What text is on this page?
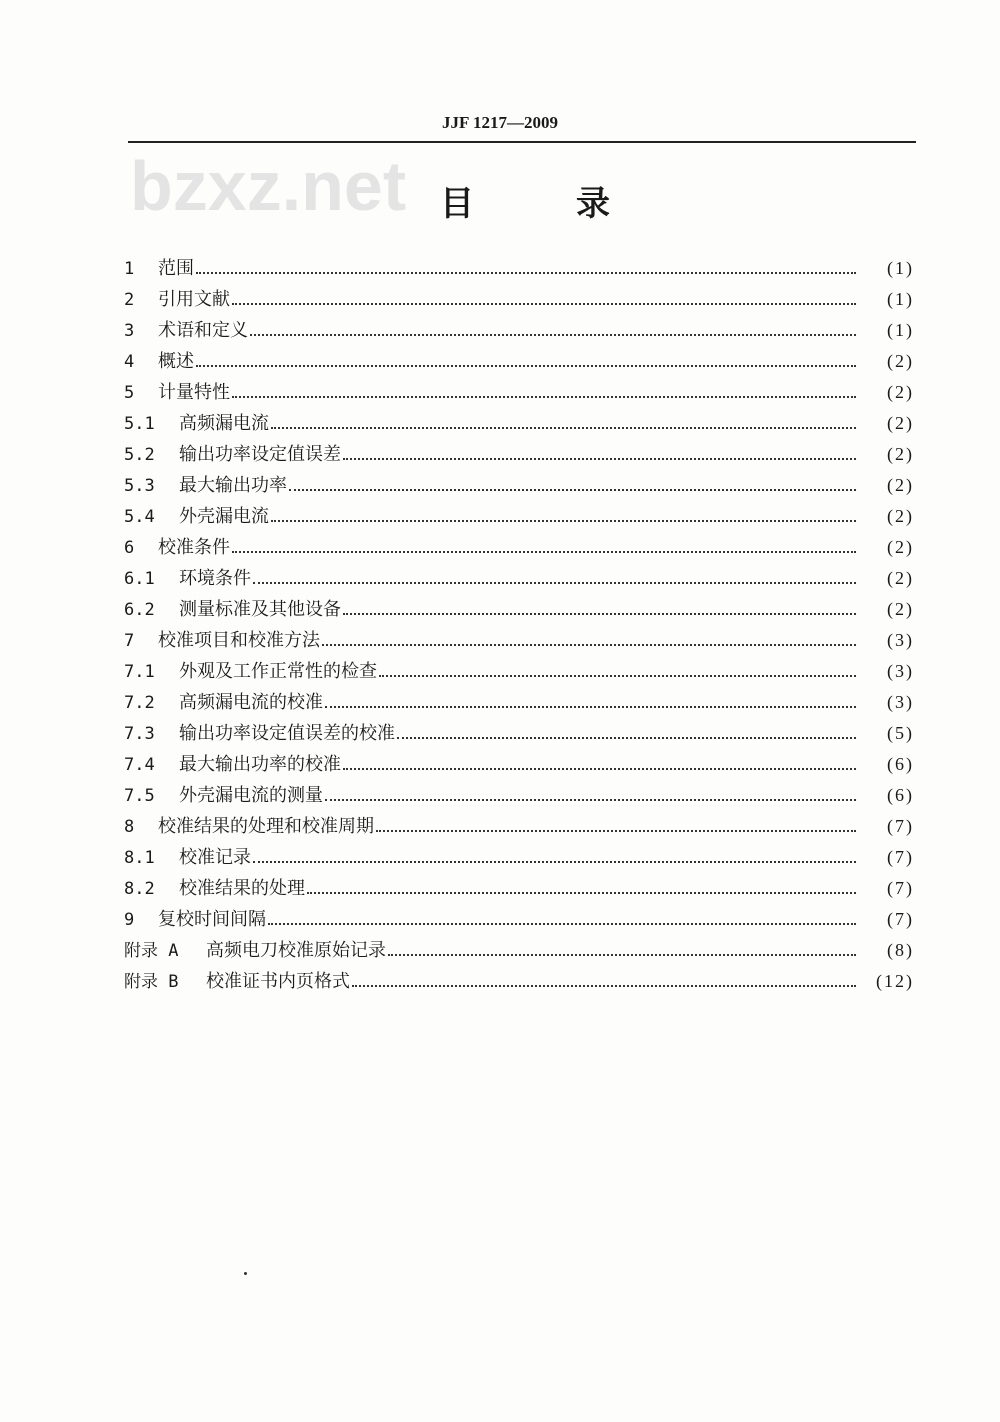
JJF 1217—2009
bzxz.net 目	录
1	范围	(1)
2	引用文献	(1)
3	术语和定义	(1)
4	概述	(2)
5	计量特性	(2)
5.1	高频漏电流	(2)
5.2	输出功率设定值误差	(2)
5.3	最大输出功率	(2)
5.4	外壳漏电流	(2)
6	校准条件	(2)
6.1	环境条件	(2)
6.2	测量标准及其他设备	(2)
7	校准项目和校准方法	(3)
7.1	外观及工作正常性的检查	(3)
7.2	高频漏电流的校准	(3)
7.3	输出功率设定值误差的校准	(5)
7.4	最大输出功率的校准	(6)
7.5	外壳漏电流的测量	(6)
8	校准结果的处理和校准周期	(7)
8.1	校准记录	(7)
8.2	校准结果的处理	(7)
9	复校时间间隔	(7)
附录 A	高频电刀校准原始记录	(8)
附录 B	校准证书内页格式	(12)
